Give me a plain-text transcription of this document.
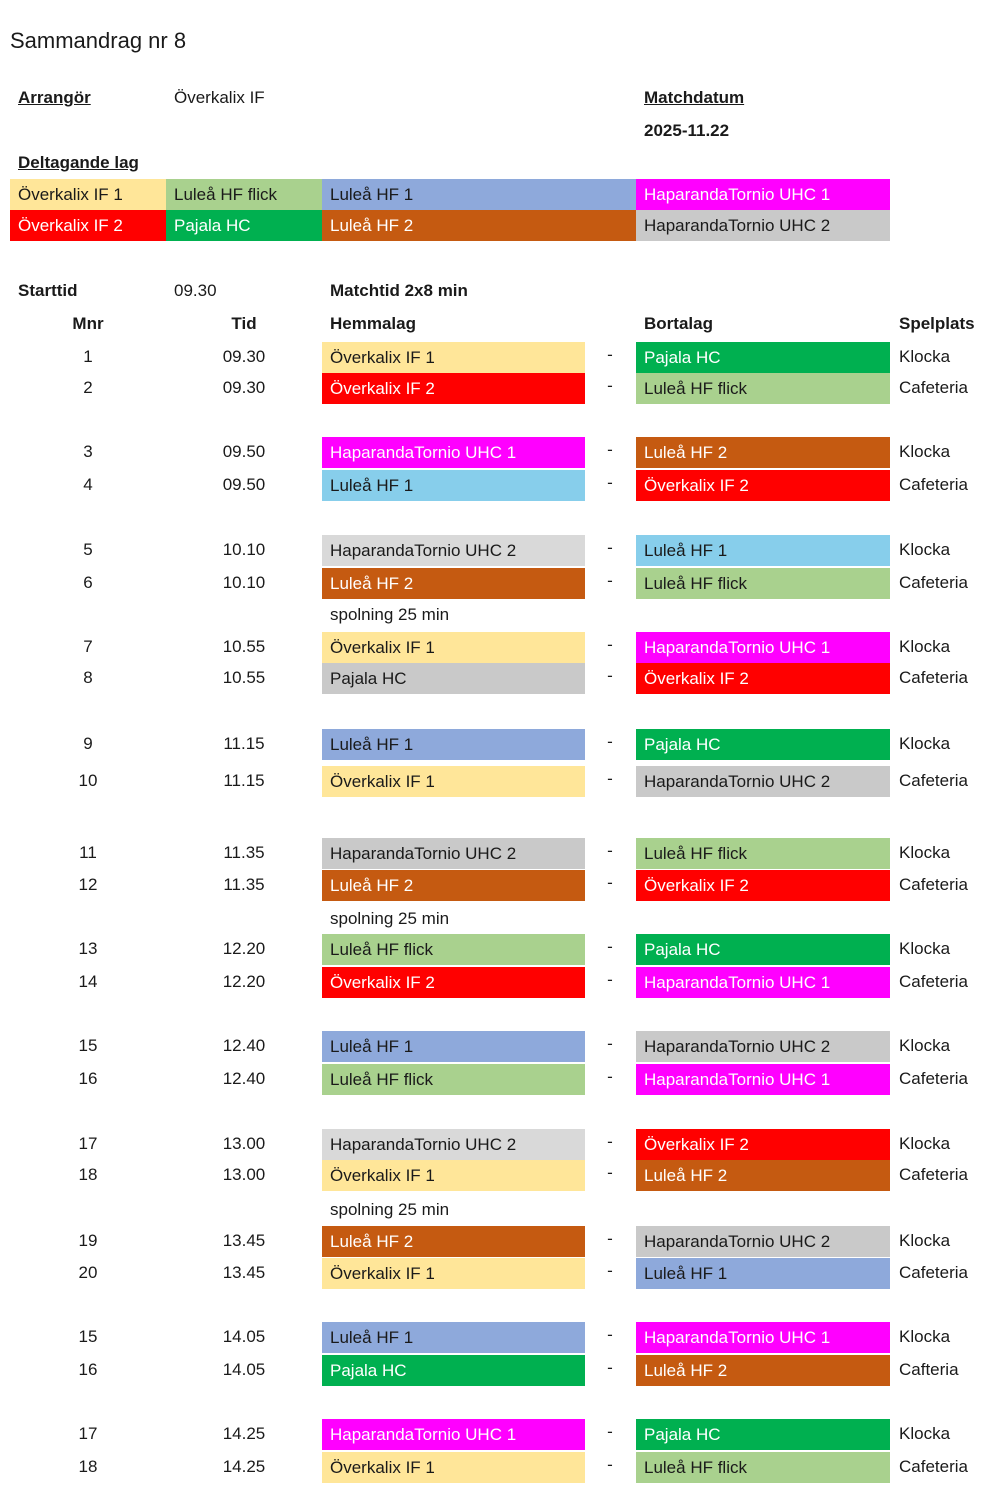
Sammandrag nr 8
Arrangör	Överkalix IF	Matchdatum
2025-11.22
Deltagande lag
Överkalix IF 1	Luleå HF flick	Luleå HF 1	HaparandaTornio UHC 1
Överkalix IF 2	Pajala HC	Luleå HF 2	HaparandaTornio UHC 2
Starttid	09.30	Matchtid 2x8 min
Mnr	Tid	Hemmalag	Bortalag	Spelplats
spolning 25 min
spolning 25 min
spolning 25 min
1	09.30	Överkalix IF 1	-	Pajala HC	Klocka
2	09.30	Överkalix IF 2	-	Luleå HF flick	Cafeteria
3	09.50	HaparandaTornio UHC 1	-	Luleå HF 2	Klocka
4	09.50	Luleå HF 1	-	Överkalix IF 2	Cafeteria
5	10.10	HaparandaTornio UHC 2	-	Luleå HF 1	Klocka
6	10.10	Luleå HF 2	-	Luleå HF flick	Cafeteria
7	10.55	Överkalix IF 1	-	HaparandaTornio UHC 1	Klocka
8	10.55	Pajala HC	-	Överkalix IF 2	Cafeteria
9	11.15	Luleå HF 1	-	Pajala HC	Klocka
10	11.15	Överkalix IF 1	-	HaparandaTornio UHC 2	Cafeteria
11	11.35	HaparandaTornio UHC 2	-	Luleå HF flick	Klocka
12	11.35	Luleå HF 2	-	Överkalix IF 2	Cafeteria
13	12.20	Luleå HF flick	-	Pajala HC	Klocka
14	12.20	Överkalix IF 2	-	HaparandaTornio UHC 1	Cafeteria
15	12.40	Luleå HF 1	-	HaparandaTornio UHC 2	Klocka
16	12.40	Luleå HF flick	-	HaparandaTornio UHC 1	Cafeteria
17	13.00	HaparandaTornio UHC 2	-	Överkalix IF 2	Klocka
18	13.00	Överkalix IF 1	-	Luleå HF 2	Cafeteria
19	13.45	Luleå HF 2	-	HaparandaTornio UHC 2	Klocka
20	13.45	Överkalix IF 1	-	Luleå HF 1	Cafeteria
15	14.05	Luleå HF 1	-	HaparandaTornio UHC 1	Klocka
16	14.05	Pajala HC	-	Luleå HF 2	Cafteria
17	14.25	HaparandaTornio UHC 1	-	Pajala HC	Klocka
18	14.25	Överkalix IF 1	-	Luleå HF flick	Cafeteria
